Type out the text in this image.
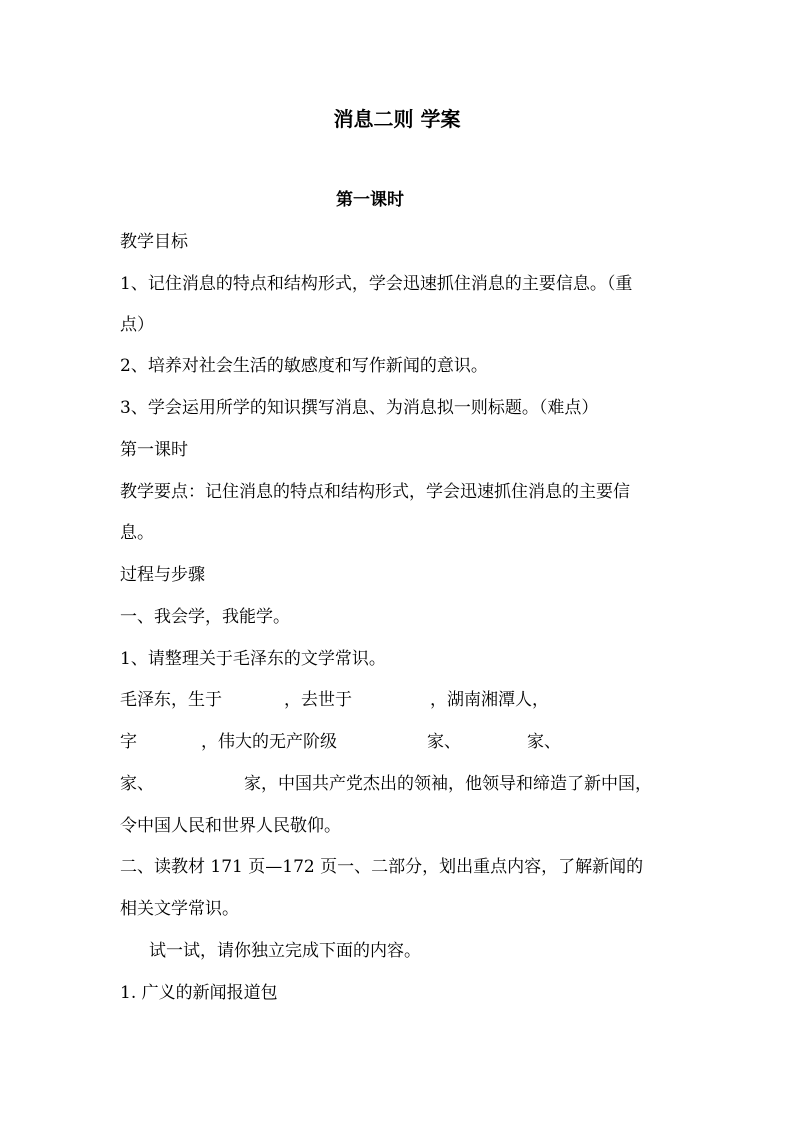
消息二则 学案
第一课时
教学目标
1、记住消息的特点和结构形式，学会迅速抓住消息的主要信息。（重
点）
2、培养对社会生活的敏感度和写作新闻的意识。
3、学会运用所学的知识撰写消息、为消息拟一则标题。（难点）
第一课时
教学要点：记住消息的特点和结构形式，学会迅速抓住消息的主要信
息。
过程与步骤
一、我会学，我能学。
1、请整理关于毛泽东的文学常识。
毛泽东，生于	，去世于	，湖南湘潭人，
字	，伟大的无产阶级	家、	家、
家、	家，中国共产党杰出的领袖，他领导和缔造了新中国，
令中国人民和世界人民敬仰。
二、读教材 171 页—172 页一、二部分，划出重点内容，了解新闻的
相关文学常识。
试一试，请你独立完成下面的内容。
1. 广义的新闻报道包
